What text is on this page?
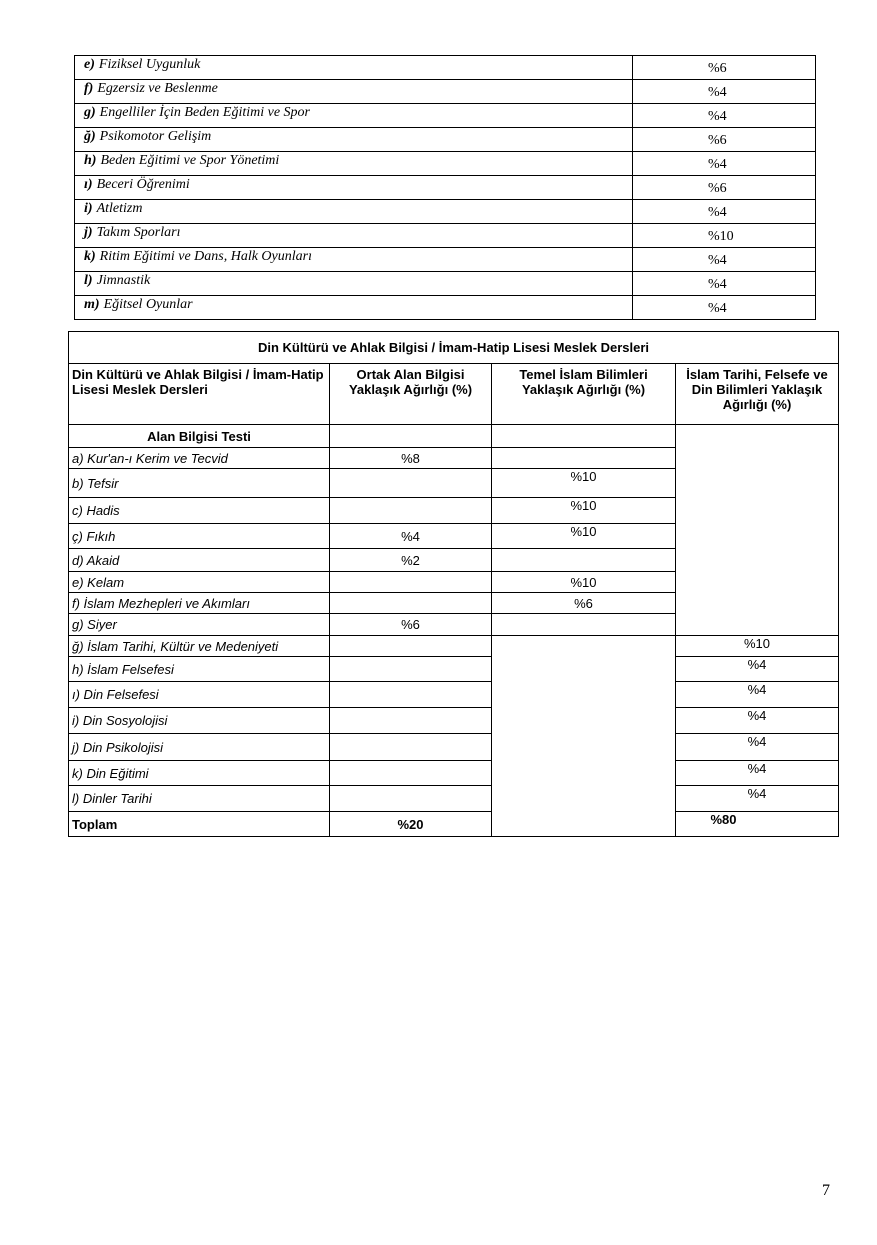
e) Fiziksel Uygunluk	%6
f) Egzersiz ve Beslenme	%4
g) Engelliler İçin Beden Eğitimi ve Spor	%4
ğ) Psikomotor Gelişim	%6
h) Beden Eğitimi ve Spor Yönetimi	%4
ı) Beceri Öğrenimi	%6
i) Atletizm	%4
j) Takım Sporları	%10
k) Ritim Eğitimi ve Dans, Halk Oyunları	%4
l) Jimnastik	%4
m) Eğitsel Oyunlar	%4
Din Kültürü ve Ahlak Bilgisi / İmam-Hatip Lisesi Meslek Dersleri			
Din Kültürü ve Ahlak Bilgisi / İmam-Hatip Lisesi Meslek Dersleri	Ortak Alan Bilgisi Yaklaşık Ağırlığı (%)	Temel İslam Bilimleri Yaklaşık Ağırlığı (%)	İslam Tarihi, Felsefe ve Din Bilimleri Yaklaşık Ağırlığı (%)
Alan Bilgisi Testi			
a) Kur'an-ı Kerim ve Tecvid	%8		
b) Tefsir		%10	
c) Hadis		%10	
ç) Fıkıh	%4	%10	
d) Akaid	%2		
e) Kelam		%10	
f) İslam Mezhepleri ve Akımları		%6	
g) Siyer	%6		
ğ) İslam Tarihi, Kültür ve Medeniyeti			%10
h) İslam Felsefesi			%4
ı) Din Felsefesi			%4
i) Din Sosyolojisi			%4
j) Din Psikolojisi			%4
k) Din Eğitimi			%4
l) Dinler Tarihi			%4
Toplam	%20		%80
7
